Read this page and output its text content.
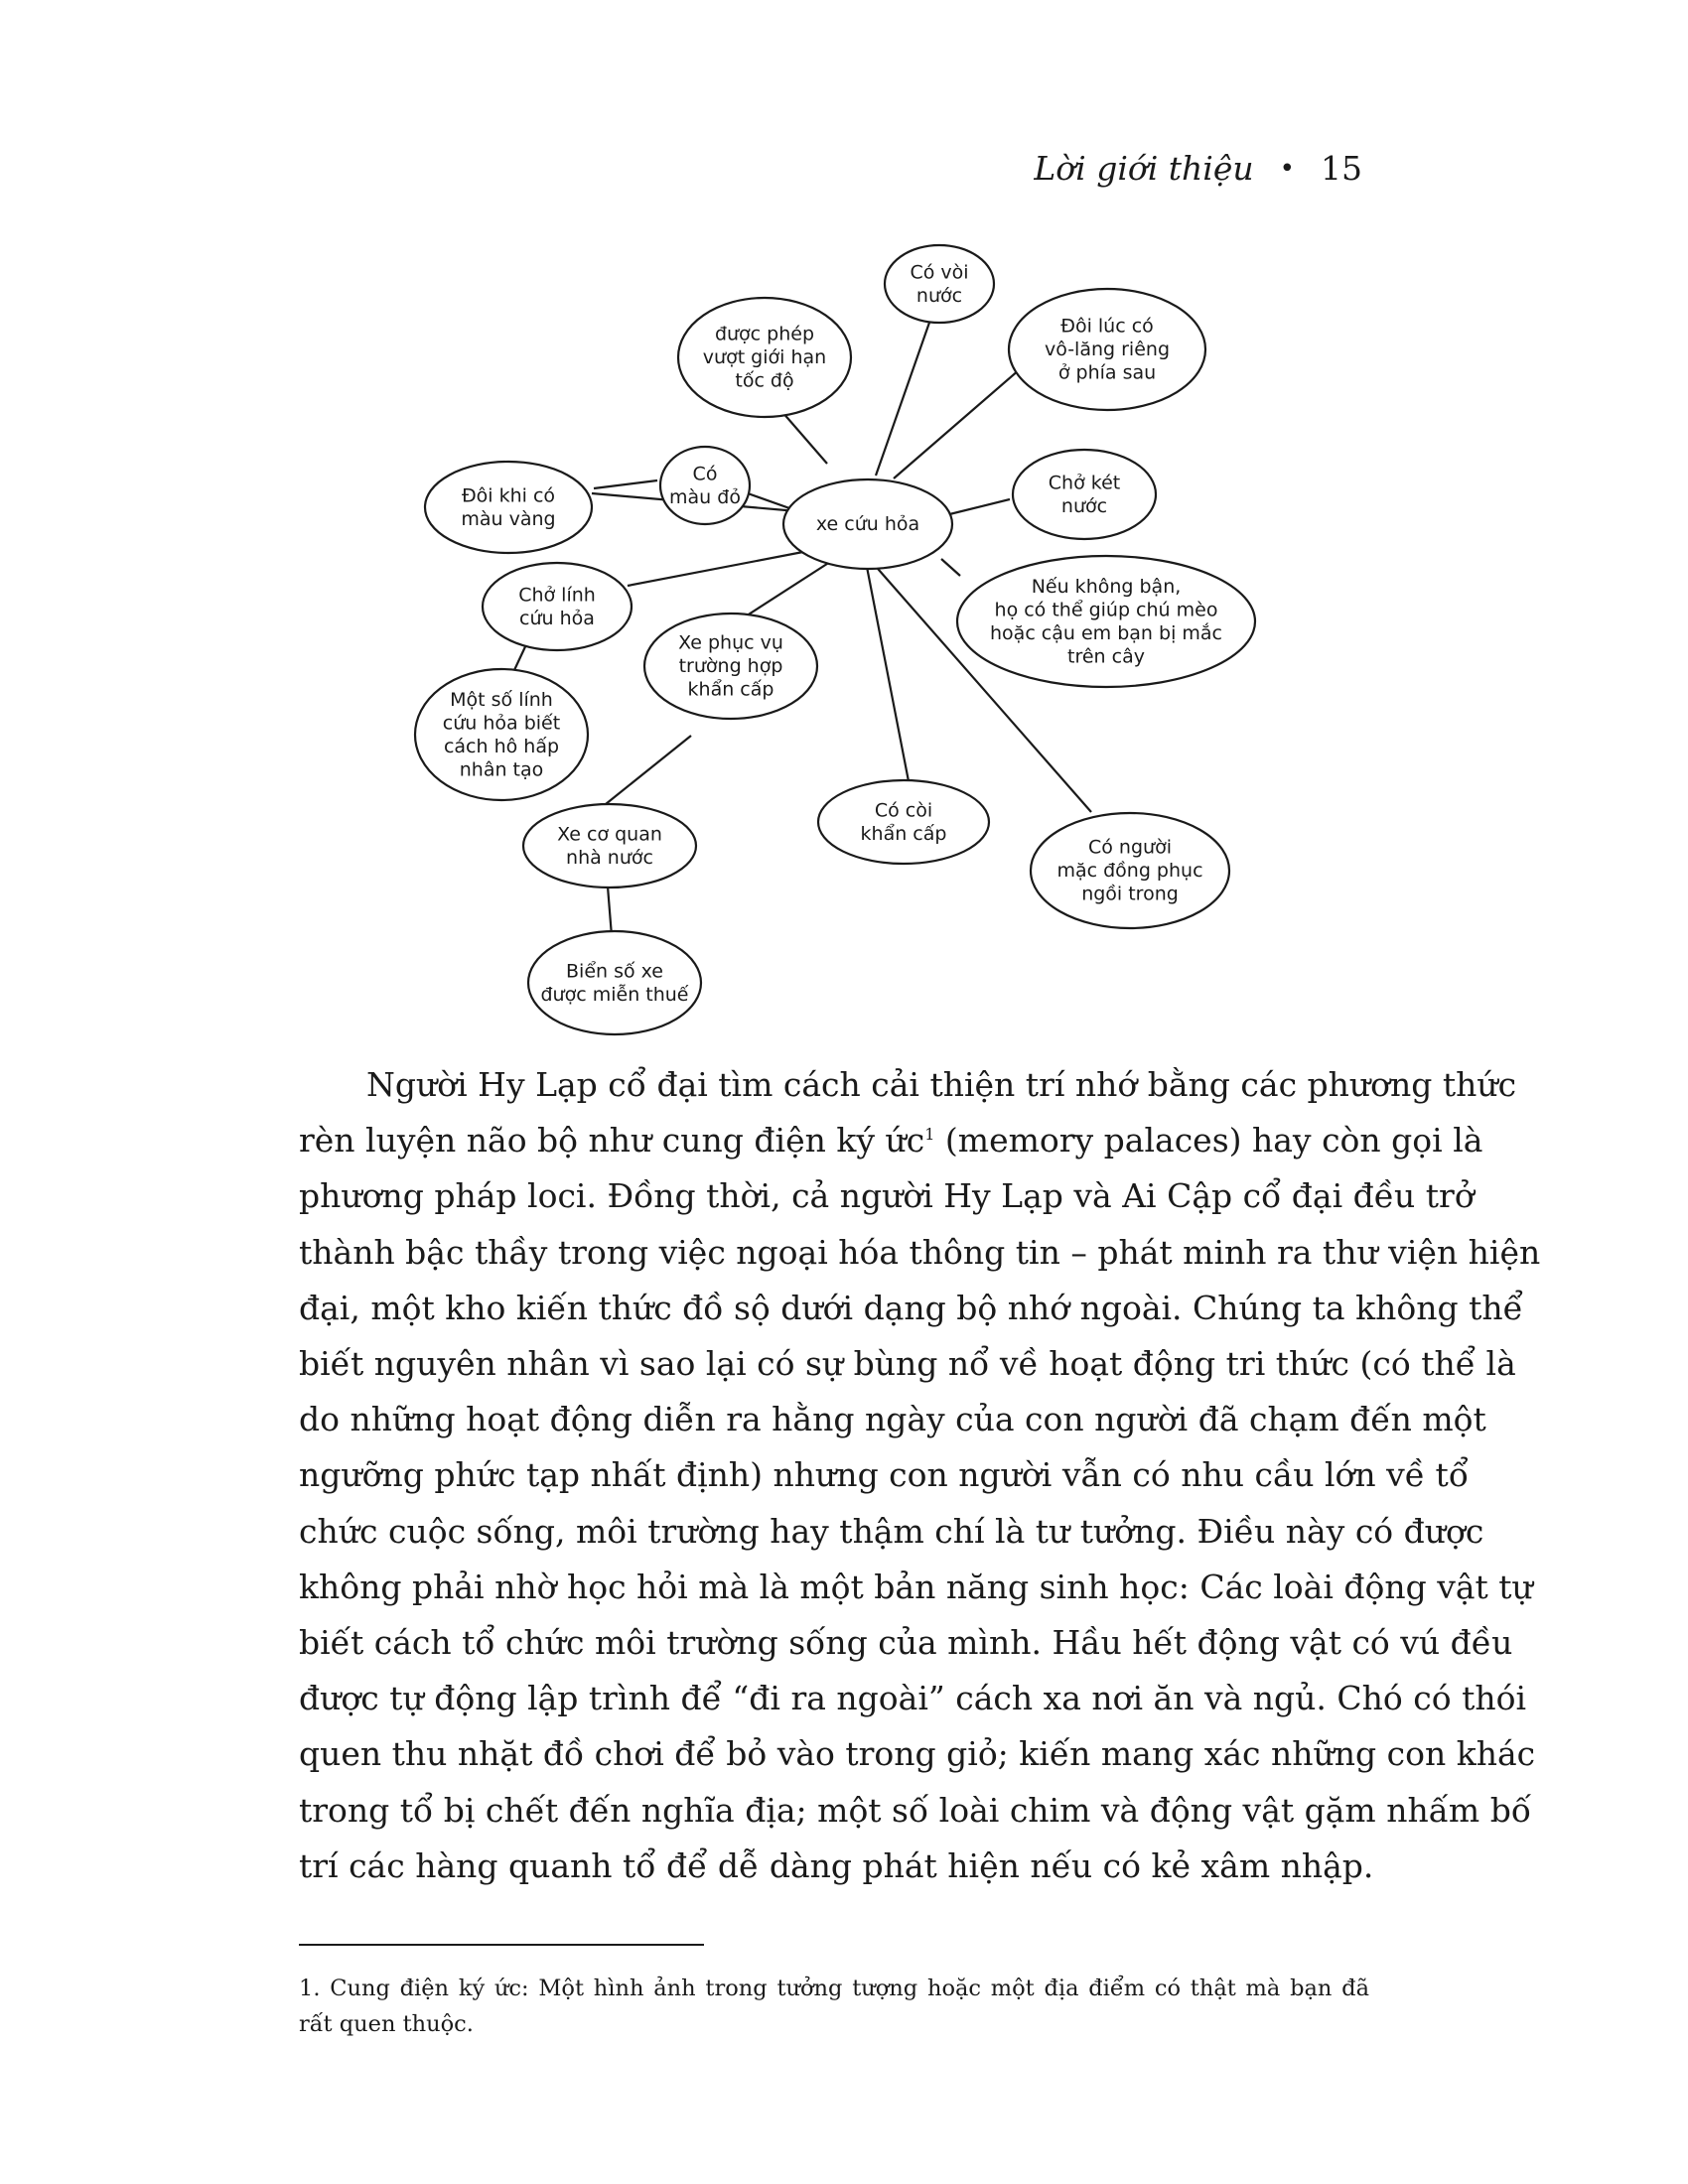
Lời giới thiệu • 15
xe cứu hỏa
Đôi khi có màu vàng
Có màu đỏ
được phép vượt giới hạn tốc độ
Có vòi nước
Đôi lúc có vô-lăng riêng ở phía sau
Chở két nước
Nếu không bận, họ có thể giúp chú mèo hoặc cậu em bạn bị mắc trên cây
Có người mặc đồng phục ngồi trong
Có còi khẩn cấp
Xe phục vụ trường hợp khẩn cấp
Chở lính cứu hỏa
Một số lính cứu hỏa biết cách hô hấp nhân tạo
Xe cơ quan nhà nước
Biển số xe được miễn thuế

Người Hy Lạp cổ đại tìm cách cải thiện trí nhớ bằng các phương thức
rèn luyện não bộ như cung điện ký ức$^1$ (memory palaces) hay còn gọi là
phương pháp loci. Đồng thời, cả người Hy Lạp và Ai Cập cổ đại đều trở
thành bậc thầy trong việc ngoại hóa thông tin – phát minh ra thư viện hiện
đại, một kho kiến thức đồ sộ dưới dạng bộ nhớ ngoài. Chúng ta không thể
biết nguyên nhân vì sao lại có sự bùng nổ về hoạt động tri thức (có thể là
do những hoạt động diễn ra hằng ngày của con người đã chạm đến một
ngưỡng phức tạp nhất định) nhưng con người vẫn có nhu cầu lớn về tổ
chức cuộc sống, môi trường hay thậm chí là tư tưởng. Điều này có được
không phải nhờ học hỏi mà là một bản năng sinh học: Các loài động vật tự
biết cách tổ chức môi trường sống của mình. Hầu hết động vật có vú đều
được tự động lập trình để “đi ra ngoài” cách xa nơi ăn và ngủ. Chó có thói
quen thu nhặt đồ chơi để bỏ vào trong giỏ; kiến mang xác những con khác
trong tổ bị chết đến nghĩa địa; một số loài chim và động vật gặm nhấm bố
trí các hàng quanh tổ để dễ dàng phát hiện nếu có kẻ xâm nhập.

1. Cung điện ký ức: Một hình ảnh trong tưởng tượng hoặc một địa điểm có thật mà bạn đã
rất quen thuộc.
